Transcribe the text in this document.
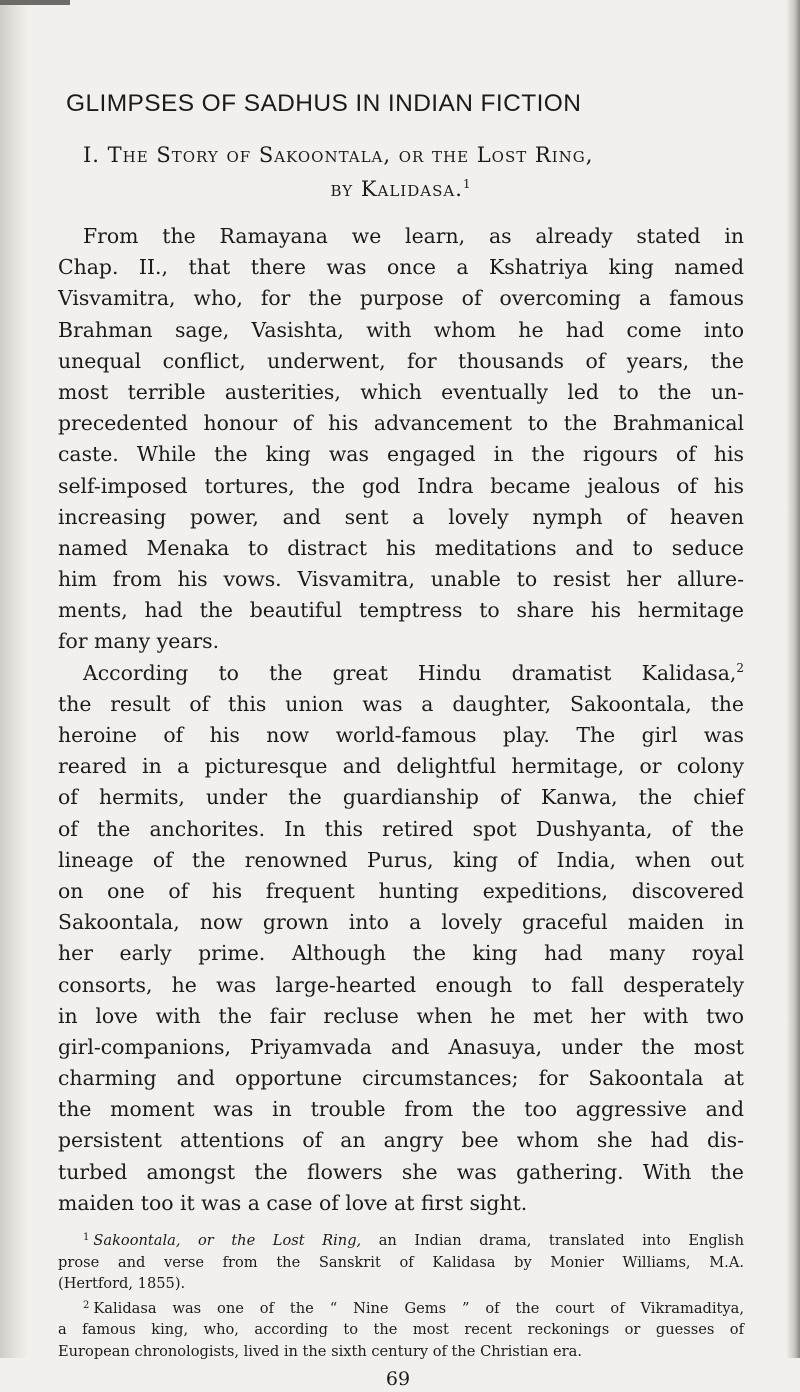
GLIMPSES OF SADHUS IN INDIAN FICTION
I. The Story of Sakoontala, or the Lost Ring,
by Kalidasa.$^1$
From the Ramayana we learn, as already stated in
Chap. II., that there was once a Kshatriya king named
Visvamitra, who, for the purpose of overcoming a famous
Brahman sage, Vasishta, with whom he had come into
unequal conflict, underwent, for thousands of years, the
most terrible austerities, which eventually led to the un-
precedented honour of his advancement to the Brahmanical
caste. While the king was engaged in the rigours of his
self-imposed tortures, the god Indra became jealous of his
increasing power, and sent a lovely nymph of heaven
named Menaka to distract his meditations and to seduce
him from his vows. Visvamitra, unable to resist her allure-
ments, had the beautiful temptress to share his hermitage
for many years.
According to the great Hindu dramatist Kalidasa,$^2$
the result of this union was a daughter, Sakoontala, the
heroine of his now world-famous play. The girl was
reared in a picturesque and delightful hermitage, or colony
of hermits, under the guardianship of Kanwa, the chief
of the anchorites. In this retired spot Dushyanta, of the
lineage of the renowned Purus, king of India, when out
on one of his frequent hunting expeditions, discovered
Sakoontala, now grown into a lovely graceful maiden in
her early prime. Although the king had many royal
consorts, he was large-hearted enough to fall desperately
in love with the fair recluse when he met her with two
girl-companions, Priyamvada and Anasuya, under the most
charming and opportune circumstances; for Sakoontala at
the moment was in trouble from the too aggressive and
persistent attentions of an angry bee whom she had dis-
turbed amongst the flowers she was gathering. With the
maiden too it was a case of love at first sight.
$^1$ Sakoontala, or the Lost Ring, an Indian drama, translated into English
prose and verse from the Sanskrit of Kalidasa by Monier Williams, M.A.
(Hertford, 1855).
$^2$ Kalidasa was one of the “ Nine Gems ” of the court of Vikramaditya,
a famous king, who, according to the most recent reckonings or guesses of
European chronologists, lived in the sixth century of the Christian era.
69
